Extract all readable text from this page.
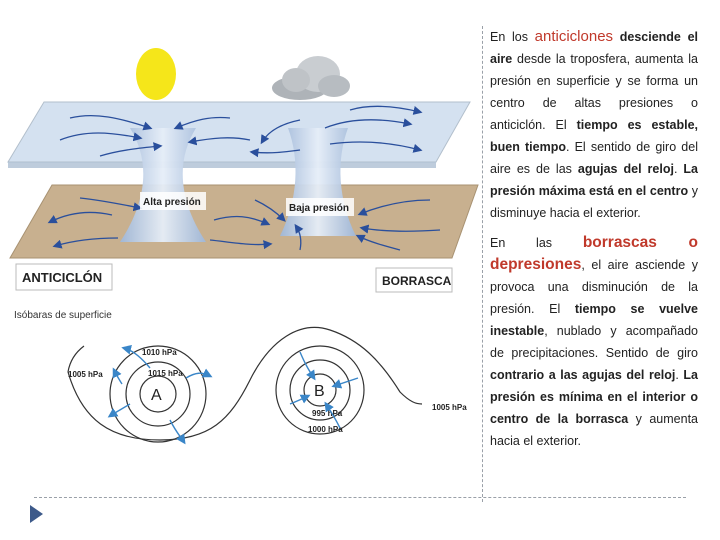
Alta presión
Baja presión
ANTICICLÓN	BORRASCA
Isóbaras de superficie
A	B
1010 hPa
1015 hPa
1005 hPa
995 hPa
1000 hPa
1005 hPa

En los anticiclones desciende el aire desde la troposfera, aumenta la presión en superficie y se forma un centro de altas presiones o anticiclón. El tiempo es estable, buen tiempo. El sentido de giro del aire es de las agujas del reloj. La presión máxima está en el centro y disminuye hacia el exterior.

En las borrascas o depresiones, el aire asciende y provoca una disminución de la presión. El tiempo se vuelve inestable, nublado y acompañado de precipitaciones. Sentido de giro contrario a las agujas del reloj. La presión es mínima en el interior o centro de la borrasca y aumenta hacia el exterior.
